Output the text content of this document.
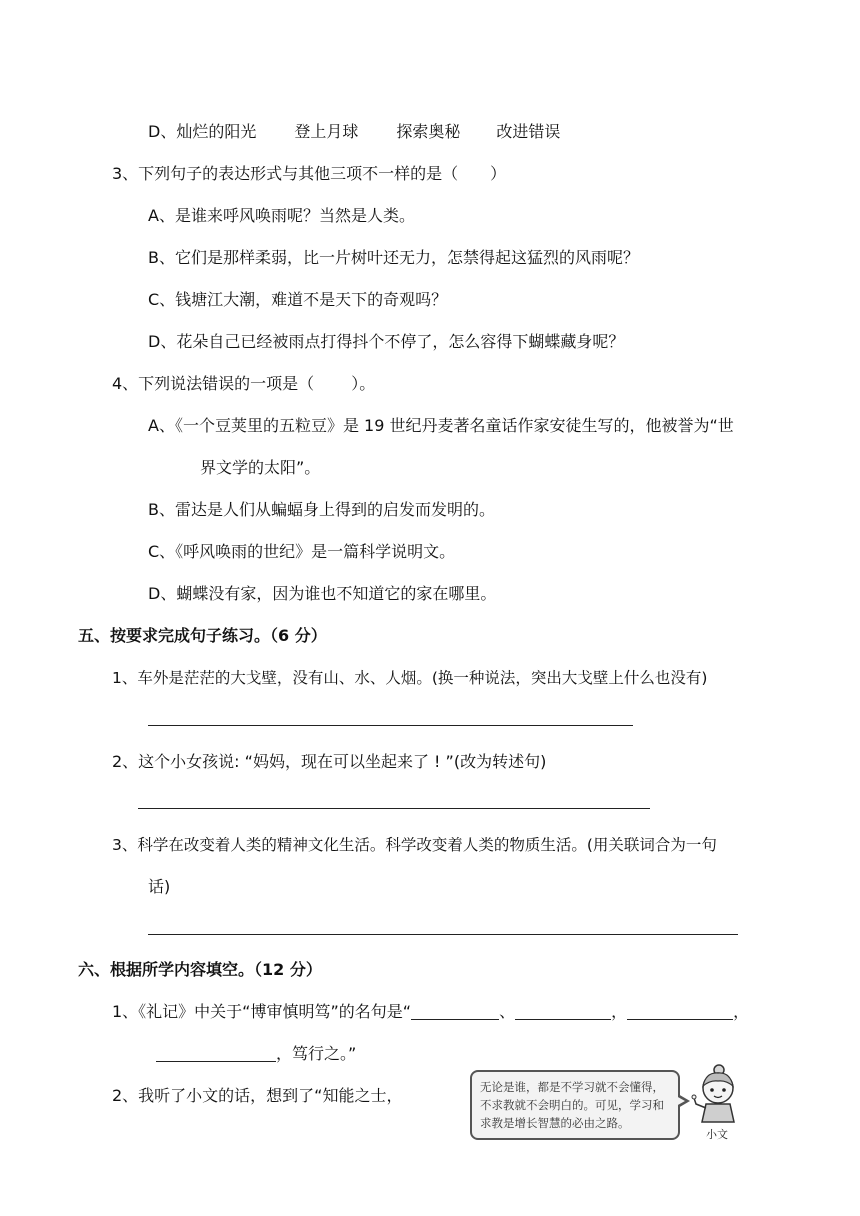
D、灿烂的阳光 登上月球 探索奥秘 改进错误
3、下列句子的表达形式与其他三项不一样的是（　　）
A、是谁来呼风唤雨呢？当然是人类。
B、它们是那样柔弱，比一片树叶还无力，怎禁得起这猛烈的风雨呢？
C、钱塘江大潮，难道不是天下的奇观吗？
D、花朵自己已经被雨点打得抖个不停了，怎么容得下蝴蝶藏身呢？
4、下列说法错误的一项是（　　 ）。
A、《一个豆荚里的五粒豆》是 19 世纪丹麦著名童话作家安徒生写的，他被誉为“世
界文学的太阳”。
B、雷达是人们从蝙蝠身上得到的启发而发明的。
C、《呼风唤雨的世纪》是一篇科学说明文。
D、蝴蝶没有家，因为谁也不知道它的家在哪里。
五、按要求完成句子练习。（6 分）
1、车外是茫茫的大戈壁，没有山、水、人烟。(换一种说法，突出大戈壁上什么也没有)
2、这个小女孩说: “妈妈，现在可以坐起来了 ! ”(改为转述句)
3、科学在改变着人类的精神文化生活。科学改变着人类的物质生活。(用关联词合为一句
话)
六、根据所学内容填空。（12 分）
1、《礼记》中关于“博审慎明笃”的名句是“	、	，	，
，笃行之。”
2、我听了小文的话，想到了“知能之士，	无论是谁，都是不学习就不会懂得，不求教就不会明白的。可见，学习和求教是增长智慧的必由之路。
小文
